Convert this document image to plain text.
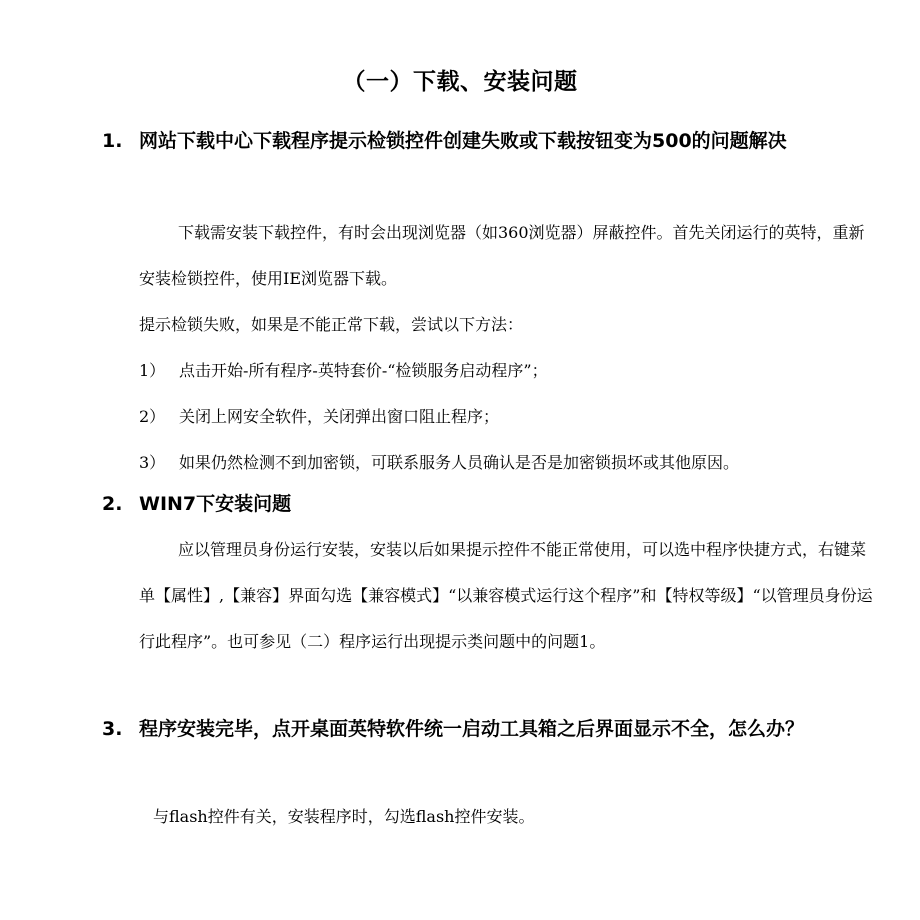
（一）下载、安装问题
1. 网站下载中心下载程序提示检锁控件创建失败或下载按钮变为500的问题解决
下载需安装下载控件，有时会出现浏览器（如360浏览器）屏蔽控件。首先关闭运行的英特，重新安装检锁控件，使用IE浏览器下载。
提示检锁失败，如果是不能正常下载，尝试以下方法：
1） 点击开始-所有程序-英特套价-“检锁服务启动程序”；
2） 关闭上网安全软件，关闭弹出窗口阻止程序；
3） 如果仍然检测不到加密锁，可联系服务人员确认是否是加密锁损坏或其他原因。
2. WIN7下安装问题
应以管理员身份运行安装，安装以后如果提示控件不能正常使用，可以选中程序快捷方式，右键菜单【属性】,【兼容】界面勾选【兼容模式】“以兼容模式运行这个程序”和【特权等级】“以管理员身份运行此程序”。也可参见（二）程序运行出现提示类问题中的问题1。
3. 程序安装完毕，点开桌面英特软件统一启动工具箱之后界面显示不全，怎么办？
与flash控件有关，安装程序时，勾选flash控件安装。
